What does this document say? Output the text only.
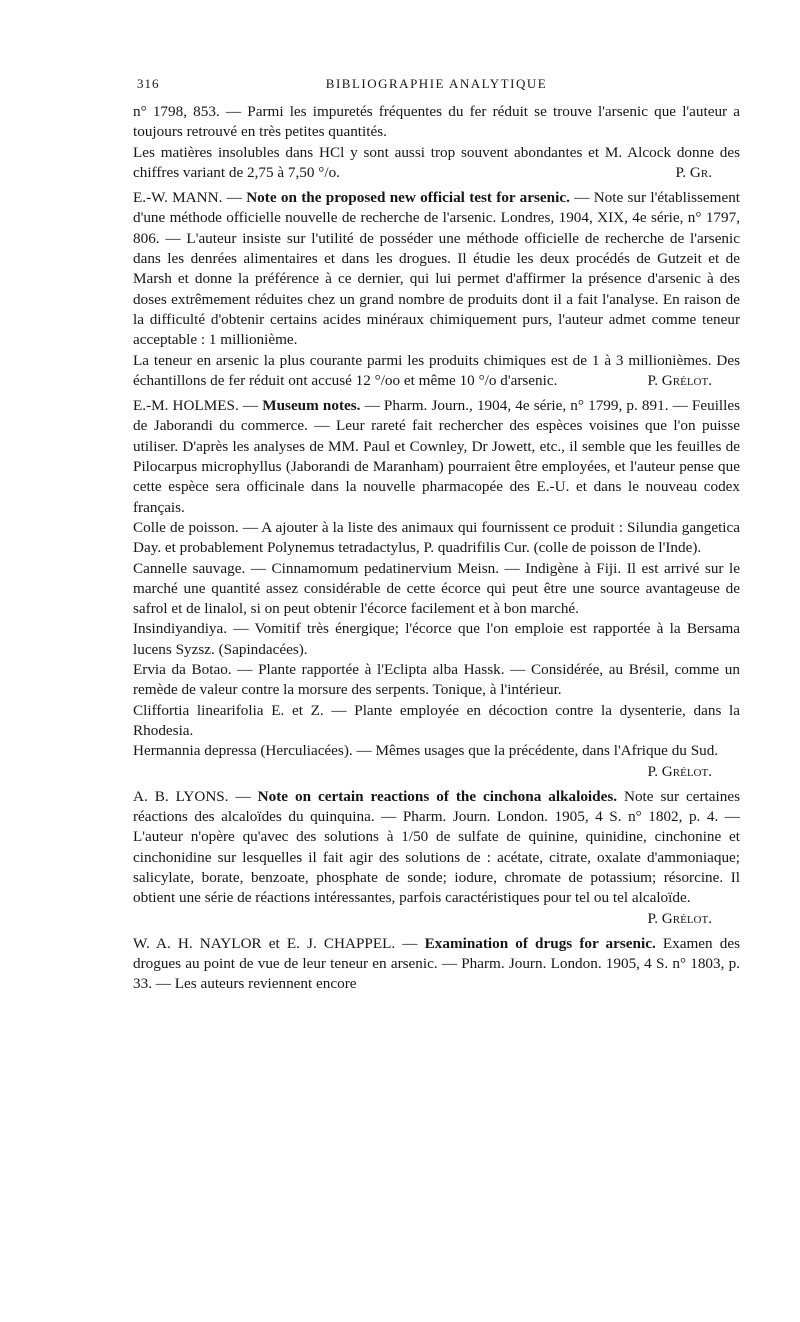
316	BIBLIOGRAPHIE ANALYTIQUE

n° 1798, 853. — Parmi les impuretés fréquentes du fer réduit se trouve l'arsenic que l'auteur a toujours retrouvé en très petites quantités.

Les matières insolubles dans HCl y sont aussi trop souvent abondantes et M. Alcock donne des chiffres variant de 2,75 à 7,50 °/o.	P. Gr.

E.-W. MANN. — Note on the proposed new official test for arsenic. — Note sur l'établissement d'une méthode officielle nouvelle de recherche de l'arsenic. Londres, 1904, XIX, 4e série, n° 1797, 806. — L'auteur insiste sur l'utilité de posséder une méthode officielle de recherche de l'arsenic dans les denrées alimentaires et dans les drogues. Il étudie les deux procédés de Gutzeit et de Marsh et donne la préférence à ce dernier, qui lui permet d'affirmer la présence d'arsenic à des doses extrêmement réduites chez un grand nombre de produits dont il a fait l'analyse. En raison de la difficulté d'obtenir certains acides minéraux chimiquement purs, l'auteur admet comme teneur acceptable : 1 millionième.

La teneur en arsenic la plus courante parmi les produits chimiques est de 1 à 3 millionièmes. Des échantillons de fer réduit ont accusé 12 °/oo et même 10 °/o d'arsenic.	P. Grélot.

E.-M. HOLMES. — Museum notes. — Pharm. Journ., 1904, 4e série, n° 1799, p. 891. — Feuilles de Jaborandi du commerce. — Leur rareté fait rechercher des espèces voisines que l'on puisse utiliser. D'après les analyses de MM. Paul et Cownley, Dr Jowett, etc., il semble que les feuilles de Pilocarpus microphyllus (Jaborandi de Maranham) pourraient être employées, et l'auteur pense que cette espèce sera officinale dans la nouvelle pharmacopée des E.-U. et dans le nouveau codex français.

Colle de poisson. — A ajouter à la liste des animaux qui fournissent ce produit : Silundia gangetica Day. et probablement Polynemus tetradactylus, P. quadrifilis Cur. (colle de poisson de l'Inde).

Cannelle sauvage. — Cinnamomum pedatinervium Meisn. — Indigène à Fiji. Il est arrivé sur le marché une quantité assez considérable de cette écorce qui peut être une source avantageuse de safrol et de linalol, si on peut obtenir l'écorce facilement et à bon marché.

Insindiyandiya. — Vomitif très énergique; l'écorce que l'on emploie est rapportée à la Bersama lucens Syzsz. (Sapindacées).

Ervia da Botao. — Plante rapportée à l'Eclipta alba Hassk. — Considérée, au Brésil, comme un remède de valeur contre la morsure des serpents. Tonique, à l'intérieur.

Cliffortia linearifolia E. et Z. — Plante employée en décoction contre la dysenterie, dans la Rhodesia.

Hermannia depressa (Herculiacées). — Mêmes usages que la précédente, dans l'Afrique du Sud.
P. Grélot.

A. B. LYONS. — Note on certain reactions of the cinchona alkaloides. Note sur certaines réactions des alcaloïdes du quinquina. — Pharm. Journ. London. 1905, 4 S. n° 1802, p. 4. — L'auteur n'opère qu'avec des solutions à 1/50 de sulfate de quinine, quinidine, cinchonine et cinchonidine sur lesquelles il fait agir des solutions de : acétate, citrate, oxalate d'ammoniaque; salicylate, borate, benzoate, phosphate de sonde; iodure, chromate de potassium; résorcine. Il obtient une série de réactions intéressantes, parfois caractéristiques pour tel ou tel alcaloïde.
P. Grélot.

W. A. H. NAYLOR et E. J. CHAPPEL. — Examination of drugs for arsenic. Examen des drogues au point de vue de leur teneur en arsenic. — Pharm. Journ. London. 1905, 4 S. n° 1803, p. 33. — Les auteurs reviennent encore
